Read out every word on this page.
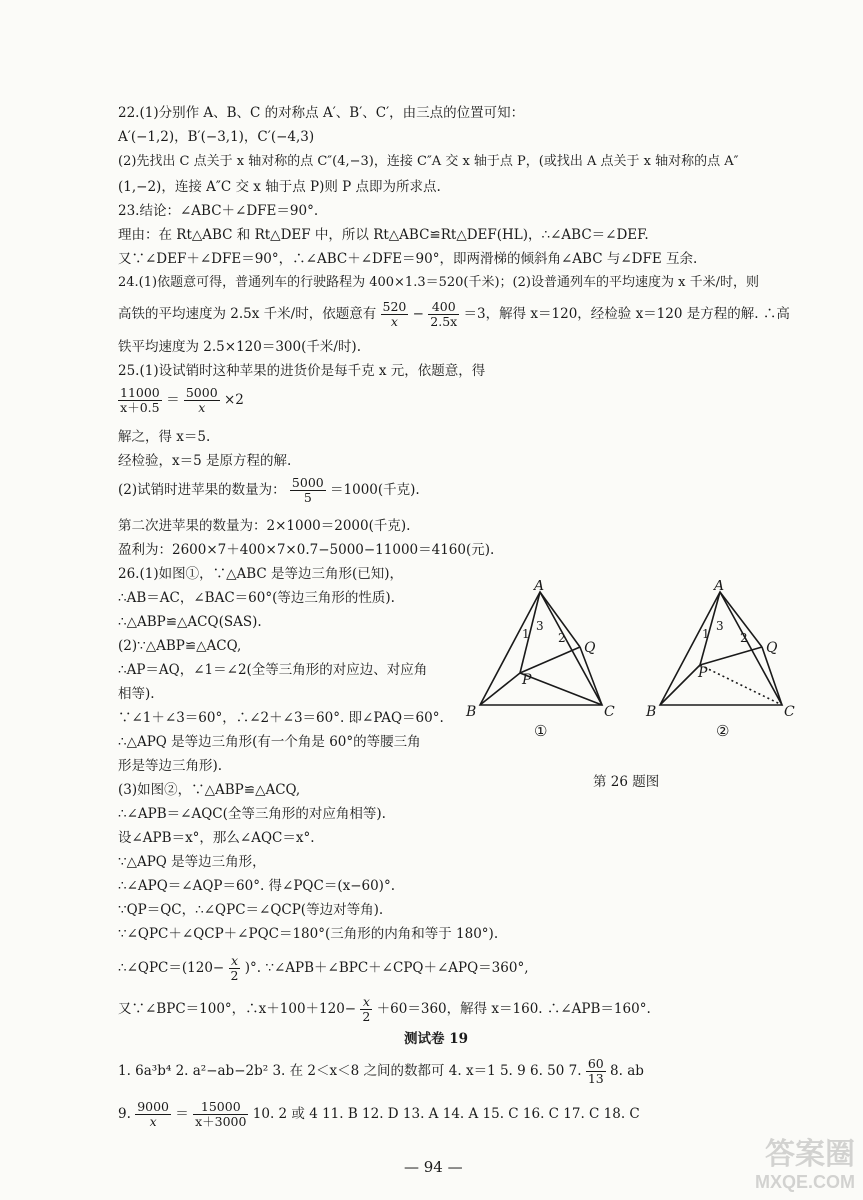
22.(1)分别作 A、B、C 的对称点 A′、B′、C′，由三点的位置可知：
A′(−1,2)，B′(−3,1)，C′(−4,3)
(2)先找出 C 点关于 x 轴对称的点 C″(4,−3)，连接 C″A 交 x 轴于点 P，(或找出 A 点关于 x 轴对称的点 A″
(1,−2)，连接 A″C 交 x 轴于点 P)则 P 点即为所求点.
23.结论：∠ABC＋∠DFE＝90°.
理由：在 Rt△ABC 和 Rt△DEF 中，所以 Rt△ABC≌Rt△DEF(HL)，∴∠ABC＝∠DEF.
又∵∠DEF＋∠DFE＝90°，∴∠ABC＋∠DFE＝90°，即两滑梯的倾斜角∠ABC 与∠DFE 互余.
24.(1)依题意可得，普通列车的行驶路程为 400×1.3＝520(千米)；(2)设普通列车的平均速度为 x 千米/时，则
高铁的平均速度为 2.5x 千米/时，依题意有 $\frac{520}{x} - \frac{400}{2.5x} =3$，解得 x＝120，经检验 x＝120 是方程的解. ∴高
铁平均速度为 2.5×120＝300(千米/时).
25.(1)设试销时这种苹果的进货价是每千克 x 元，依题意，得
$\frac{11000}{x+0.5} = \frac{5000}{x} \times 2$
解之，得 x＝5.
经检验，x＝5 是原方程的解.
(2)试销时进苹果的数量为： $\frac{5000}{5} =1000$(千克).
第二次进苹果的数量为：2×1000＝2000(千克).
盈利为：2600×7＋400×7×0.7−5000−11000＝4160(元).
26.(1)如图①，∵△ABC 是等边三角形(已知)，
∴AB＝AC，∠BAC＝60°(等边三角形的性质).
∴△ABP≌△ACQ(SAS).
(2)∵△ABP≌△ACQ,
∴AP＝AQ，∠1＝∠2(全等三角形的对应边、对应角
相等).
∵∠1＋∠3＝60°，∴∠2＋∠3＝60°. 即∠PAQ＝60°.
∴△APQ 是等边三角形(有一个角是 60°的等腰三角
形是等边三角形).
(3)如图②，∵△ABP≌△ACQ,
∴∠APB＝∠AQC(全等三角形的对应角相等).
设∠APB＝x°，那么∠AQC＝x°.
∵△APQ 是等边三角形，
∴∠APQ＝∠AQP＝60°. 得∠PQC＝(x−60)°.
∵QP＝QC，∴∠QPC＝∠QCP(等边对等角).
∵∠QPC＋∠QCP＋∠PQC＝180°(三角形的内角和等于 180°).
∴∠QPC＝(120− $\frac{x}{2}$ )°. ∵∠APB＋∠BPC＋∠CPQ＋∠APQ＝360°,
又∵∠BPC＝100°，∴x＋100＋120− $\frac{x}{2} +60=360$，解得 x＝160. ∴∠APB＝160°.
A
B	C
P
Q
A
B	C
P
Q
1
3
2	1
3
2
①	②
第 26 题图
测试卷 19
1. 6a³b⁴ 2. a²−ab−2b² 3. 在 2＜x＜8 之间的数都可 4. x＝1 5. 9 6. 50 7. $\frac{60}{13} 8$. ab
9. $\frac{9000}{x} = \frac{15000}{x+3000} 10$. 2 或 4 11. B 12. D 13. A 14. A 15. C 16. C 17. C 18. C
— 94 —	答案圈
MXQE.COM
